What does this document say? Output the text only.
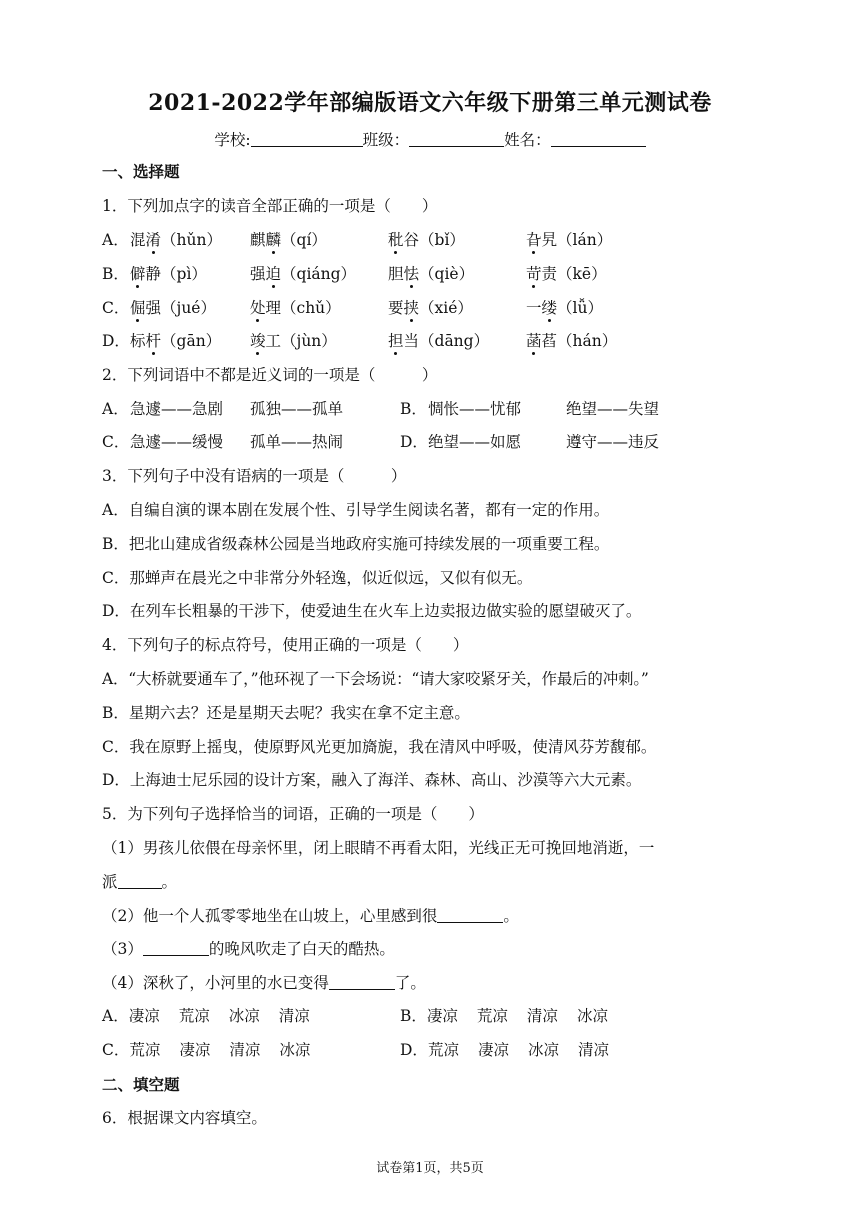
2021-2022学年部编版语文六年级下册第三单元测试卷
学校:	班级：	姓名：
一、选择题
1．下列加点字的读音全部正确的一项是（　　）
A． 混淆（hǔn） 麒麟（qí）	秕谷（bǐ）	旮旯（lán）
B． 僻静（pì）	强迫（qiáng） 胆怯（qiè）	苛责（kē）
C． 倔强（jué） 处理（chǔ）	要挟（xié）	一缕（lǚ）
D． 标杆（gān） 竣工（jùn）	担当（dāng） 菡萏（hán）
2．下列词语中不都是近义词的一项是（　　　）
A． 急遽——急剧 孤独——孤单	B． 惆怅——忧郁	绝望——失望
C． 急遽——缓慢 孤单——热闹	D． 绝望——如愿	遵守——违反
3．下列句子中没有语病的一项是（　　　）
A．自编自演的课本剧在发展个性、引导学生阅读名著，都有一定的作用。
B．把北山建成省级森林公园是当地政府实施可持续发展的一项重要工程。
C．那蝉声在晨光之中非常分外轻逸，似近似远，又似有似无。
D．在列车长粗暴的干涉下，使爱迪生在火车上边卖报边做实验的愿望破灭了。
4．下列句子的标点符号，使用正确的一项是（　　）
A．“大桥就要通车了，”他环视了一下会场说：“请大家咬紧牙关，作最后的冲刺。”
B．星期六去？还是星期天去呢？我实在拿不定主意。
C．我在原野上摇曳，使原野风光更加旖旎，我在清风中呼吸，使清风芬芳馥郁。
D．上海迪士尼乐园的设计方案，融入了海洋、森林、高山、沙漠等六大元素。
5．为下列句子选择恰当的词语，正确的一项是（　　）
（1）男孩儿依偎在母亲怀里，闭上眼睛不再看太阳，光线正无可挽回地消逝，一
派	。
（2）他一个人孤零零地坐在山坡上，心里感到很	。
（3）	的晚风吹走了白天的酷热。
（4）深秋了，小河里的水已变得	了。
A．凄凉 荒凉 冰凉 清凉	B．凄凉 荒凉 清凉 冰凉
C．荒凉 凄凉 清凉 冰凉	D．荒凉 凄凉 冰凉 清凉
二、填空题
6．根据课文内容填空。
试卷第1页，共5页
